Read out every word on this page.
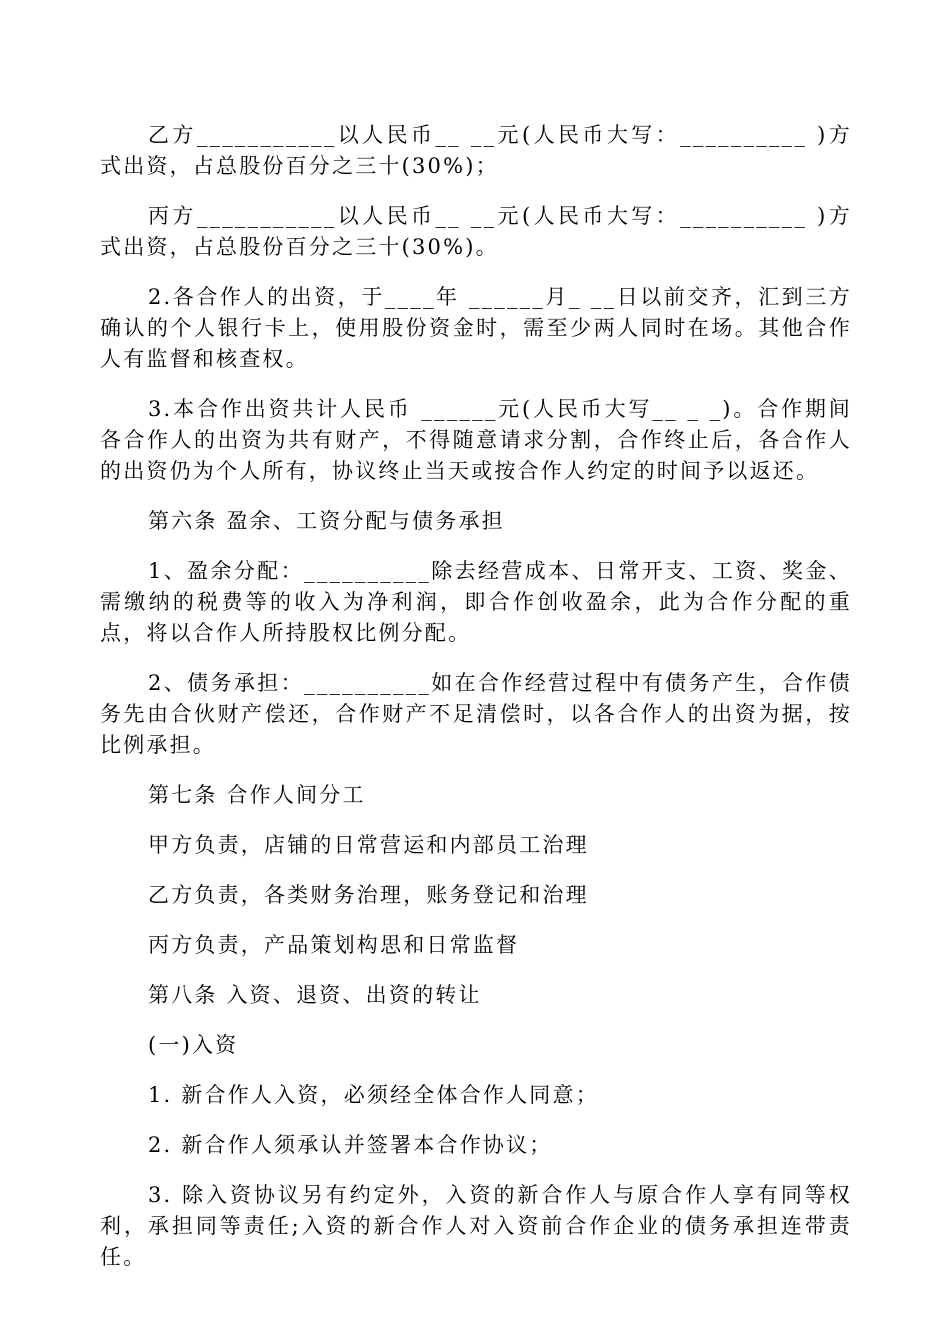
乙方___________以人民币__ __元(人民币大写：__________ )方式出资，占总股份百分之三十(30%)；

丙方___________以人民币__ __元(人民币大写：__________ )方式出资，占总股份百分之三十(30%)。

2.各合作人的出资，于____年 ______月_ __日以前交齐，汇到三方确认的个人银行卡上，使用股份资金时，需至少两人同时在场。其他合作人有监督和核查权。

3.本合作出资共计人民币 ______元(人民币大写__ _ _)。合作期间各合作人的出资为共有财产，不得随意请求分割，合作终止后，各合作人的出资仍为个人所有，协议终止当天或按合作人约定的时间予以返还。

第六条 盈余、工资分配与债务承担

1、盈余分配：__________除去经营成本、日常开支、工资、奖金、需缴纳的税费等的收入为净利润，即合作创收盈余，此为合作分配的重点，将以合作人所持股权比例分配。

2、债务承担：__________如在合作经营过程中有债务产生，合作债务先由合伙财产偿还，合作财产不足清偿时，以各合作人的出资为据，按比例承担。

第七条 合作人间分工

甲方负责，店铺的日常营运和内部员工治理

乙方负责，各类财务治理，账务登记和治理

丙方负责，产品策划构思和日常监督

第八条 入资、退资、出资的转让

(一)入资

1. 新合作人入资，必须经全体合作人同意；

2. 新合作人须承认并签署本合作协议；

3. 除入资协议另有约定外，入资的新合作人与原合作人享有同等权利，承担同等责任;入资的新合作人对入资前合作企业的债务承担连带责任。
